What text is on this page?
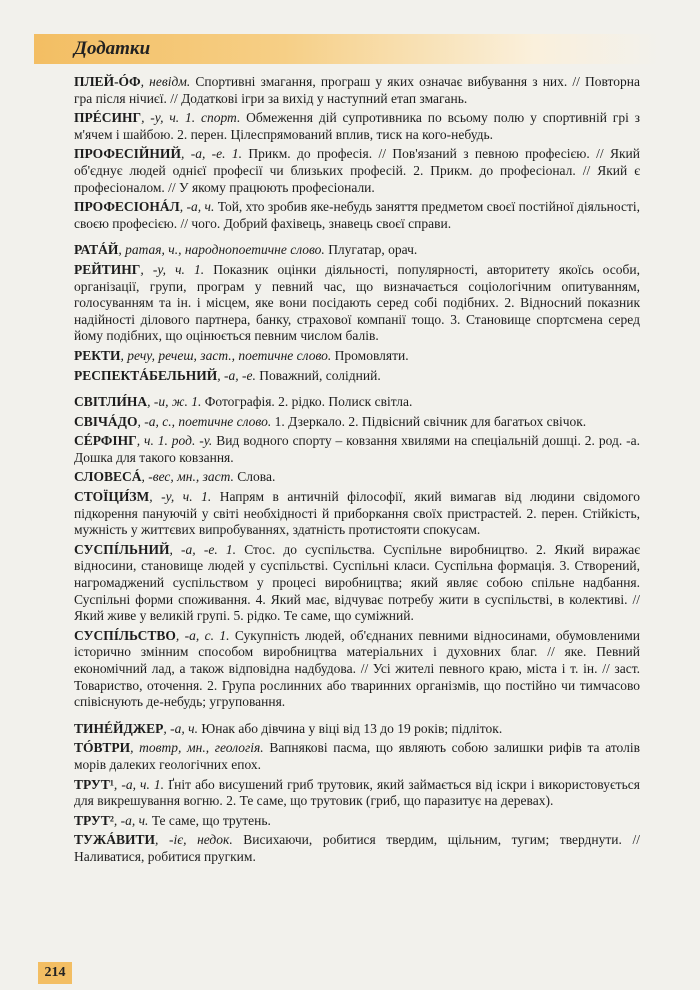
Додатки

ПЛЕЙ-ÓФ, невідм. Спортивні змагання, програш у яких означає вибування з них. // Повторна гра після нічиєї. // Додаткові ігри за вихід у наступний етап змагань.

ПРÉСИНГ, -у, ч. 1. спорт. Обмеження дій супротивника по всьому полю у спортивній грі з м'ячем і шайбою. 2. перен. Цілеспрямований вплив, тиск на кого-небудь.

ПРОФЕСІЙНИЙ, -а, -е. 1. Прикм. до професія. // Пов'язаний з певною професією. // Який об'єднує людей однієї професії чи близьких професій. 2. Прикм. до професіонал. // Який є професіоналом. // У якому працюють професіонали.

ПРОФЕСІОНÁЛ, -а, ч. Той, хто зробив яке-небудь заняття предметом своєї постійної діяльності, своєю професією. // чого. Добрий фахівець, знавець своєї справи.

РАТÁЙ, ратая, ч., народнопоетичне слово. Плугатар, орач.

РЕЙТИНГ, -у, ч. 1. Показник оцінки діяльності, популярності, авторитету якоїсь особи, організації, групи, програм у певний час, що визначається соціологічним опитуванням, голосуванням та ін. і місцем, яке вони посідають серед собі подібних. 2. Відносний показник надійності ділового партнера, банку, страхової компанії тощо. 3. Становище спортсмена серед йому подібних, що оцінюється певним числом балів.

РЕКТИ, речу, речеш, заст., поетичне слово. Промовляти.

РЕСПЕКТÁБЕЛЬНИЙ, -а, -е. Поважний, солідний.

СВІТЛИ́НА, -и, ж. 1. Фотографія. 2. рідко. Полиск світла.

СВІЧÁДО, -а, с., поетичне слово. 1. Дзеркало. 2. Підвісний свічник для багатьох свічок.

СÉРФІНГ, ч. 1. род. -у. Вид водного спорту – ковзання хвилями на спеціальній дошці. 2. род. -а. Дошка для такого ковзання.

СЛОВЕСÁ, -вес, мн., заст. Слова.

СТОЇЦИ́ЗМ, -у, ч. 1. Напрям в античній філософії, який вимагав від людини свідомого підкорення пануючій у світі необхідності й приборкання своїх пристрастей. 2. перен. Стійкість, мужність у життєвих випробуваннях, здатність протистояти спокусам.

СУСПІ́ЛЬНИЙ, -а, -е. 1. Стос. до суспільства. Суспільне виробництво. 2. Який виражає відносини, становище людей у суспільстві. Суспільні класи. Суспільна формація. 3. Створений, нагромаджений суспільством у процесі виробництва; який являє собою спільне надбання. Суспільні форми споживання. 4. Який має, відчуває потребу жити в суспільстві, в колективі. // Який живе у великій групі. 5. рідко. Те саме, що суміжний.

СУСПІ́ЛЬСТВО, -а, с. 1. Сукупність людей, об'єднаних певними відносинами, обумовленими історично змінним способом виробництва матеріальних і духовних благ. // яке. Певний економічний лад, а також відповідна надбудова. // Усі жителі певного краю, міста і т. ін. // заст. Товариство, оточення. 2. Група рослинних або тваринних організмів, що постійно чи тимчасово співіснують де-небудь; угруповання.

ТИНÉЙДЖЕР, -а, ч. Юнак або дівчина у віці від 13 до 19 років; підліток.

ТÓВТРИ, товтр, мн., геологія. Вапнякові пасма, що являють собою залишки рифів та атолів морів далеких геологічних епох.

ТРУТ¹, -а, ч. 1. Ґніт або висушений гриб трутовик, який займається від іскри і використовується для викрешування вогню. 2. Те саме, що трутовик (гриб, що паразитує на деревах).

ТРУТ², -а, ч. Те саме, що трутень.

ТУЖÁВИТИ, -іє, недок. Висихаючи, робитися твердим, щільним, тугим; тверднути. // Наливатися, робитися пругким.

214
